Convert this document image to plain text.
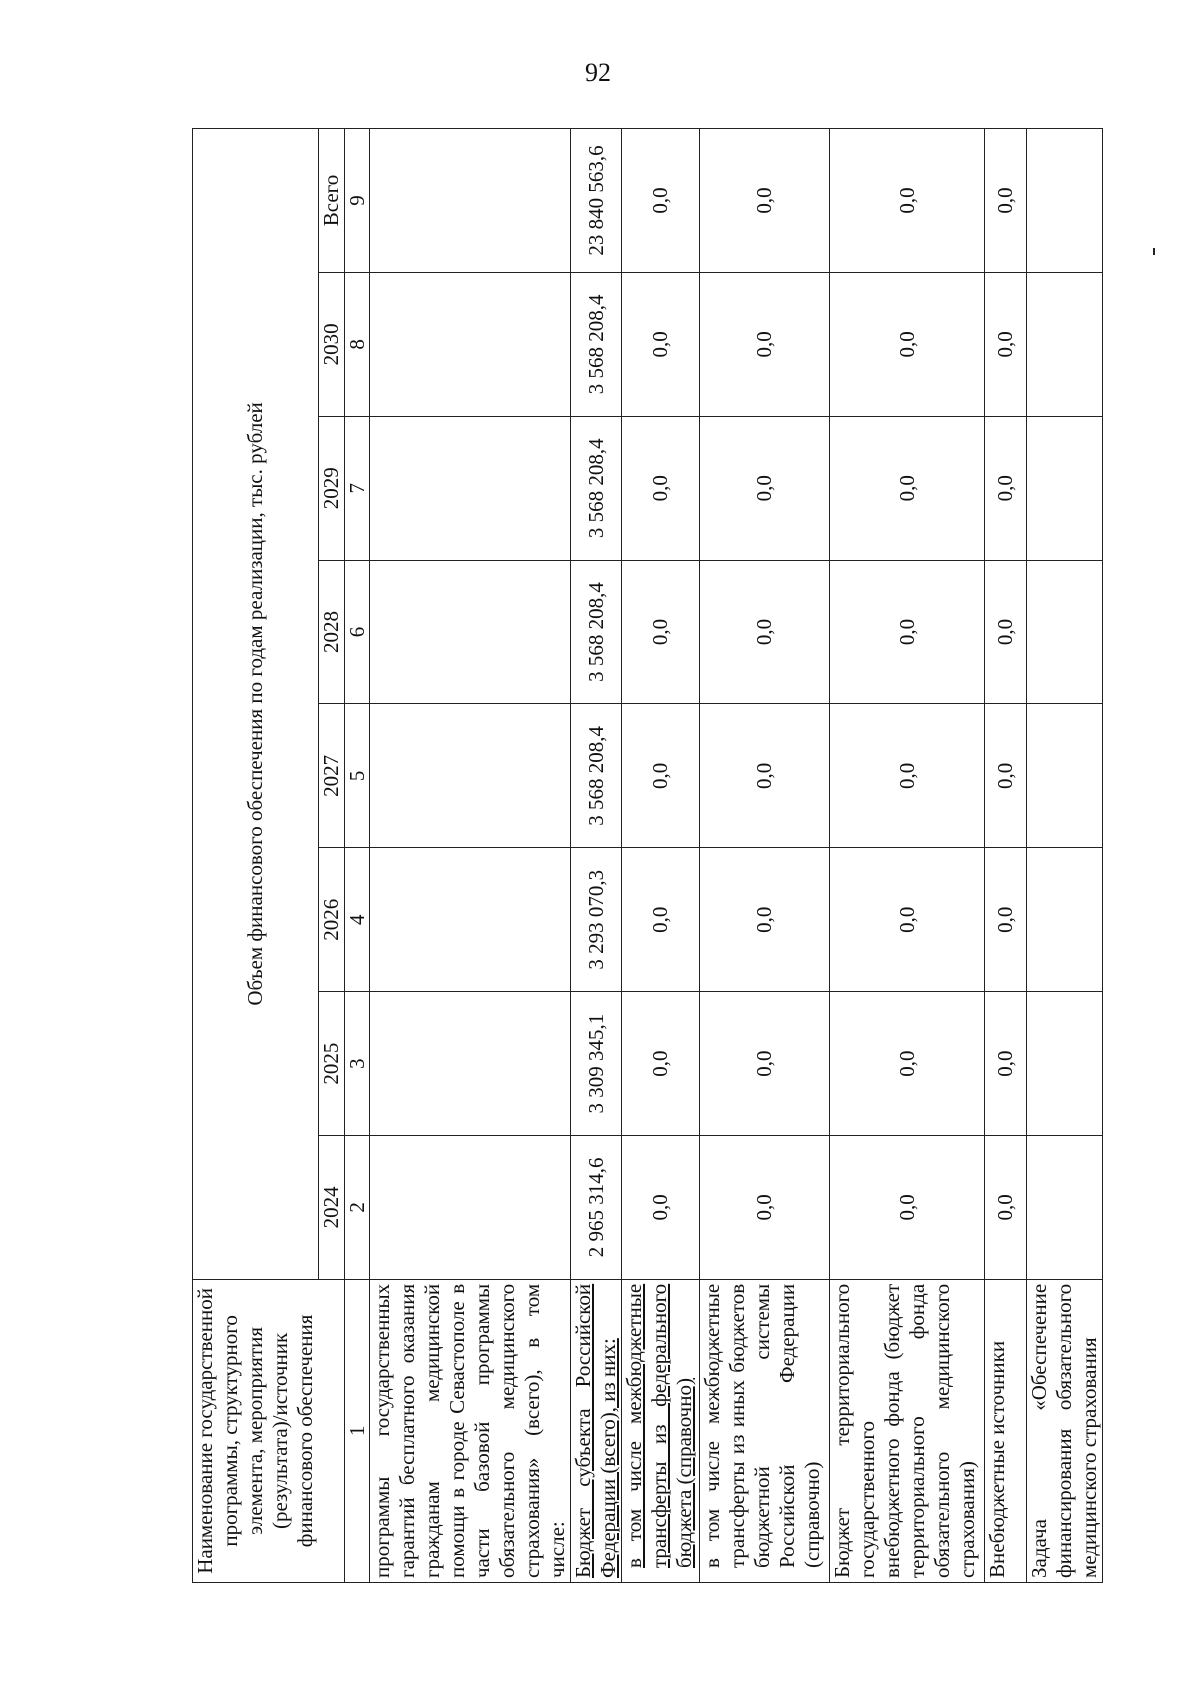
92
Наименование государственной программы, структурного элемента, мероприятия (результата)/источник финансового обеспечения	Объем финансового обеспечения по годам реализации, тыс. рублей							
	2024	2025	2026	2027	2028	2029	2030	Всего
1	2	3	4	5	6	7	8	9
программы государственных гарантий бесплатного оказания гражданам медицинской помощи в городе Севастополе в части базовой программы обязательного медицинского страхования» (всего), в том числе:								
Бюджет субъекта Российской Федерации (всего), из них:	2 965 314,6	3 309 345,1	3 293 070,3	3 568 208,4	3 568 208,4	3 568 208,4	3 568 208,4	23 840 563,6
в том числе межбюджетные трансферты из федерального бюджета (справочно)	0,0	0,0	0,0	0,0	0,0	0,0	0,0	0,0
в том числе межбюджетные трансферты из иных бюджетов бюджетной системы Российской Федерации (справочно)	0,0	0,0	0,0	0,0	0,0	0,0	0,0	0,0
Бюджет территориального государственного внебюджетного фонда (бюджет территориального фонда обязательного медицинского страхования)	0,0	0,0	0,0	0,0	0,0	0,0	0,0	0,0
Внебюджетные источники	0,0	0,0	0,0	0,0	0,0	0,0	0,0	0,0
Задача «Обеспечение финансирования обязательного медицинского страхования								
